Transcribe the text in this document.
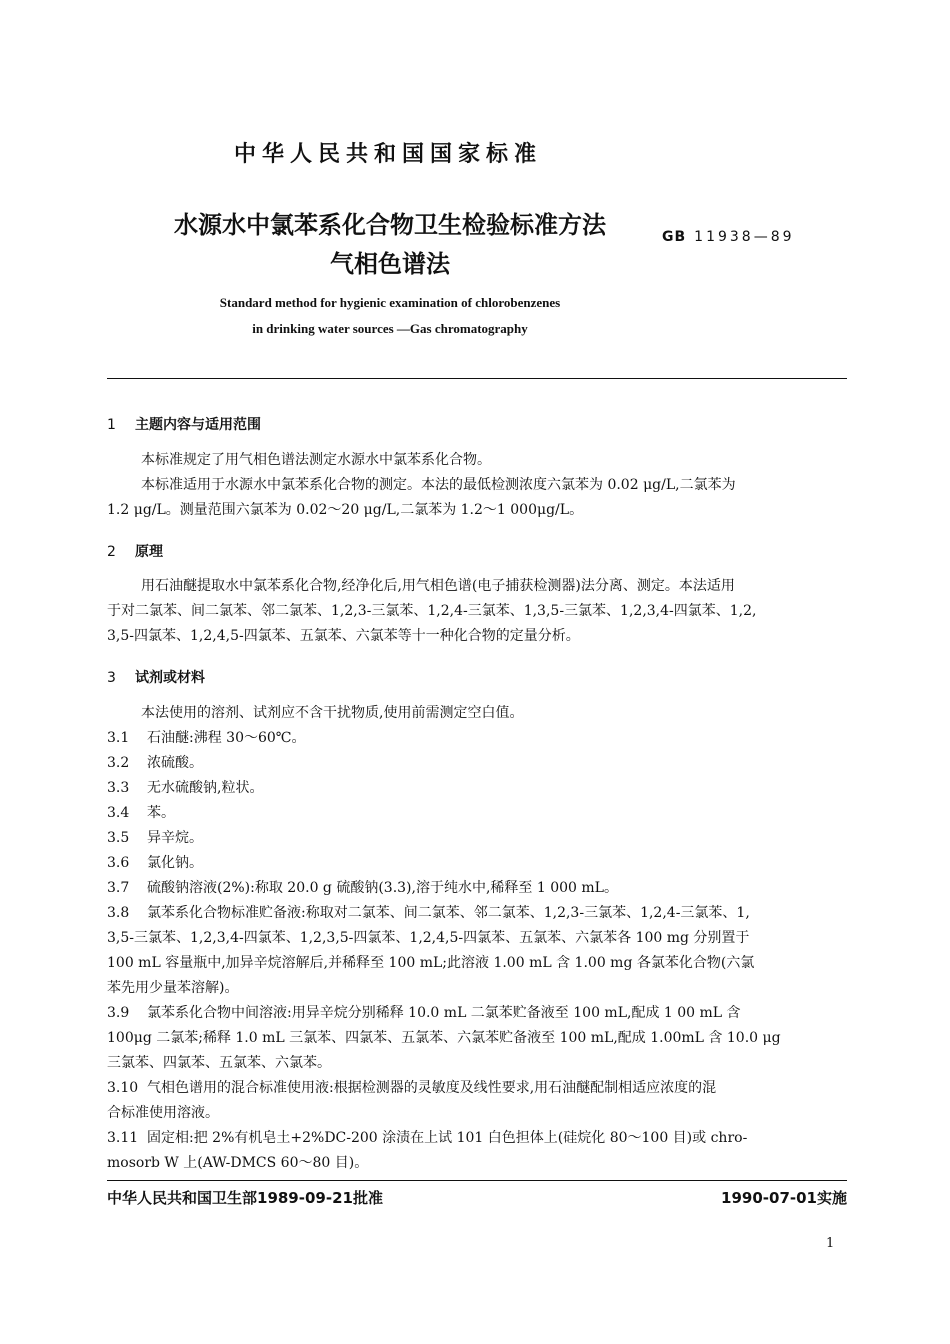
中华人民共和国国家标准
水源水中氯苯系化合物卫生检验标准方法
气相色谱法
GB 11938—89
Standard method for hygienic examination of chlorobenzenes
in drinking water sources —Gas chromatography
1 主题内容与适用范围
本标准规定了用气相色谱法测定水源水中氯苯系化合物。
本标准适用于水源水中氯苯系化合物的测定。本法的最低检测浓度六氯苯为 0.02 μg/L,二氯苯为
1.2 μg/L。测量范围六氯苯为 0.02～20 μg/L,二氯苯为 1.2～1 000μg/L。
2 原理
用石油醚提取水中氯苯系化合物,经净化后,用气相色谱(电子捕获检测器)法分离、测定。本法适用
于对二氯苯、间二氯苯、邻二氯苯、1,2,3-三氯苯、1,2,4-三氯苯、1,3,5-三氯苯、1,2,3,4-四氯苯、1,2,
3,5-四氯苯、1,2,4,5-四氯苯、五氯苯、六氯苯等十一种化合物的定量分析。
3 试剂或材料
本法使用的溶剂、试剂应不含干扰物质,使用前需测定空白值。
3.1 石油醚:沸程 30～60℃。
3.2 浓硫酸。
3.3 无水硫酸钠,粒状。
3.4 苯。
3.5 异辛烷。
3.6 氯化钠。
3.7 硫酸钠溶液(2%):称取 20.0 g 硫酸钠(3.3),溶于纯水中,稀释至 1 000 mL。
3.8 氯苯系化合物标准贮备液:称取对二氯苯、间二氯苯、邻二氯苯、1,2,3-三氯苯、1,2,4-三氯苯、1,
3,5-三氯苯、1,2,3,4-四氯苯、1,2,3,5-四氯苯、1,2,4,5-四氯苯、五氯苯、六氯苯各 100 mg 分别置于
100 mL 容量瓶中,加异辛烷溶解后,并稀释至 100 mL;此溶液 1.00 mL 含 1.00 mg 各氯苯化合物(六氯
苯先用少量苯溶解)。
3.9 氯苯系化合物中间溶液:用异辛烷分别稀释 10.0 mL 二氯苯贮备液至 100 mL,配成 1 00 mL 含
100μg 二氯苯;稀释 1.0 mL 三氯苯、四氯苯、五氯苯、六氯苯贮备液至 100 mL,配成 1.00mL 含 10.0 μg
三氯苯、四氯苯、五氯苯、六氯苯。
3.10 气相色谱用的混合标准使用液:根据检测器的灵敏度及线性要求,用石油醚配制相适应浓度的混
合标准使用溶液。
3.11 固定相:把 2%有机皂土+2%DC-200 涂渍在上试 101 白色担体上(硅烷化 80～100 目)或 chro-
mosorb W 上(AW-DMCS 60～80 目)。
中华人民共和国卫生部1989-09-21批准	1990-07-01实施
1
